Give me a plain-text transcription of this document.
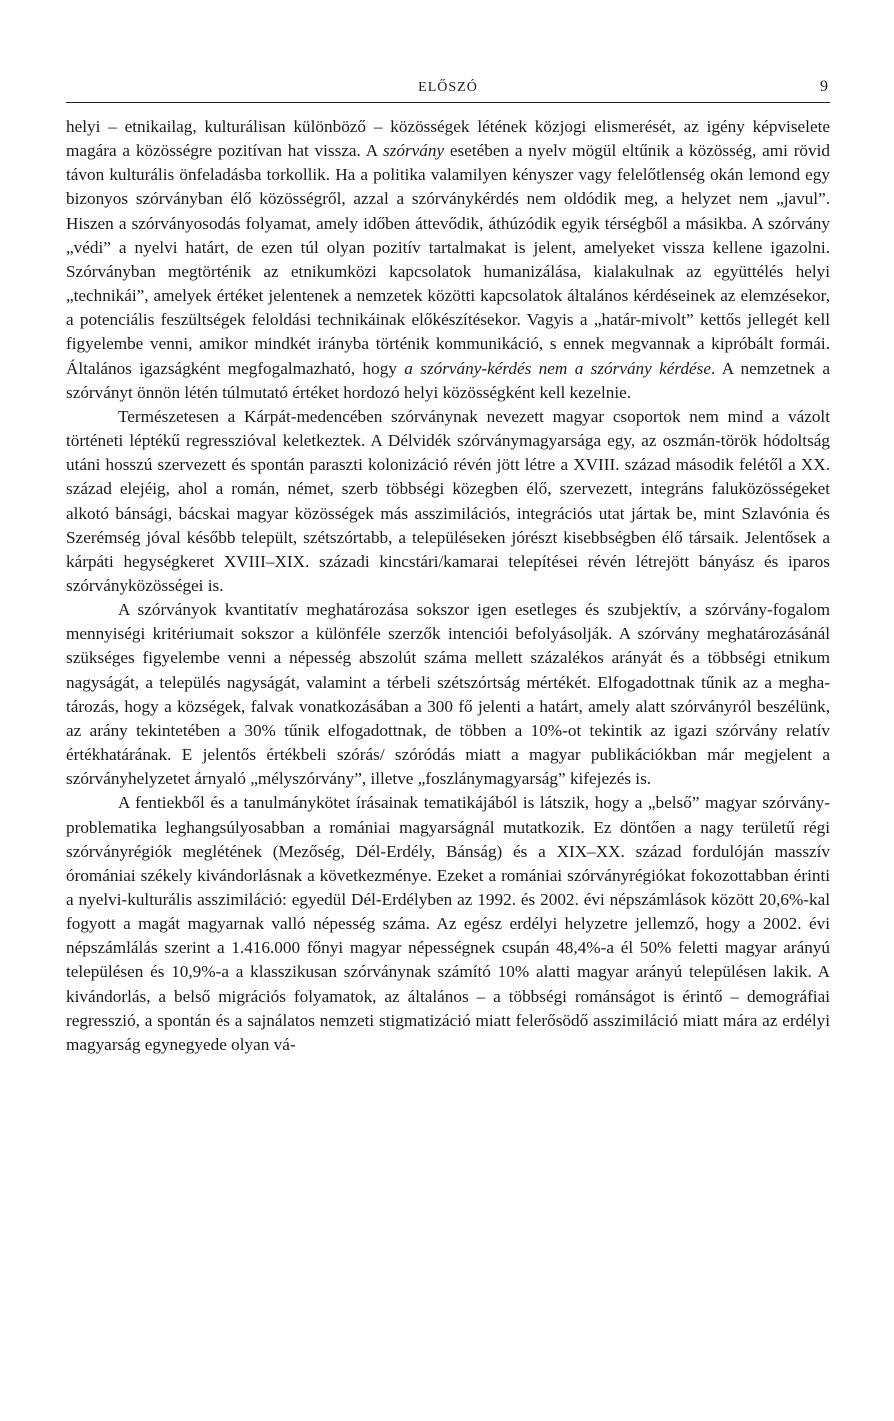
ELŐSZÓ	9

helyi – etnikailag, kulturálisan különböző – közösségek létének közjogi elismerését, az igény képviselete magára a közösségre pozitívan hat vissza. A szórvány esetében a nyelv mögül eltűnik a közösség, ami rövid távon kulturális önfeladásba torkollik. Ha a politika valamilyen kényszer vagy felelőtlenség okán lemond egy bizonyos szórványban élő közösségről, azzal a szórványkérdés nem oldódik meg, a helyzet nem „javul”. Hiszen a szórványosodás folyamat, amely időben áttevődik, áthúzódik egyik térségből a másikba. A szórvány „védi” a nyelvi határt, de ezen túl olyan pozitív tartalmakat is jelent, amelyeket vissza kellene igazolni. Szórványban megtörténik az etnikumközi kapcsolatok humanizálása, kialakulnak az együttélés helyi „technikái”, amelyek értéket jelentenek a nemzetek közötti kapcsolatok általános kérdéseinek az elemzésekor, a potenciális feszültségek feloldási technikáinak előkészítésekor. Vagyis a „határ-mivolt” kettős jellegét kell figyelembe venni, amikor mindkét irányba történik kommunikáció, s ennek megvannak a kipróbált formái. Általános igazságként megfogalmazható, hogy a szórvány-kérdés nem a szórvány kérdése. A nemzetnek a szórványt önnön létén túlmutató értéket hordozó helyi közösségként kell kezelnie.

Természetesen a Kárpát-medencében szórványnak nevezett magyar csoportok nem mind a vázolt történeti léptékű regresszióval keletkeztek. A Délvidék szórványmagyarsága egy, az oszmán-török hódoltság utáni hosszú szervezett és spontán paraszti kolonizáció révén jött létre a XVIII. század második felétől a XX. század elejéig, ahol a román, német, szerb többségi közegben élő, szervezett, integráns faluközösségeket alkotó bánsági, bácskai magyar közösségek más asszimilációs, integrációs utat jártak be, mint Szlavónia és Szerémség jóval később települt, szétszórtabb, a településeken jórészt kisebbségben élő társaik. Jelentősek a kárpáti hegységkeret XVIII–XIX. századi kincstári/kamarai telepítései révén létrejött bányász és iparos szórványközösségei is.

A szórványok kvantitatív meghatározása sokszor igen esetleges és szubjektív, a szórvány-fogalom mennyiségi kritériumait sokszor a különféle szerzők intenciói befolyásolják. A szórvány meghatározásánál szükséges figyelembe venni a népesség abszolút száma mellett százalékos arányát és a többségi etnikum nagyságát, a település nagyságát, valamint a térbeli szétszórtság mértékét. Elfogadottnak tűnik az a meghatározás, hogy a községek, falvak vonatkozásában a 300 fő jelenti a határt, amely alatt szórványról beszélünk, az arány tekintetében a 30% tűnik elfogadottnak, de többen a 10%-ot tekintik az igazi szórvány relatív értékhatárának. E jelentős értékbeli szórás/ szóródás miatt a magyar publikációkban már megjelent a szórványhelyzetet árnyaló „mélyszórvány”, illetve „foszlánymagyarság” kifejezés is.

A fentiekből és a tanulmánykötet írásainak tematikájából is látszik, hogy a „belső” magyar szórvány-problematika leghangsúlyosabban a romániai magyarságnál mutatkozik. Ez döntően a nagy területű régi szórványrégiók meglétének (Mezőség, Dél-Erdély, Bánság) és a XIX–XX. század fordulóján masszív óromániai székely kivándorlásnak a következménye. Ezeket a romániai szórványrégiókat fokozottabban érinti a nyelvi-kulturális asszimiláció: egyedül Dél-Erdélyben az 1992. és 2002. évi népszámlások között 20,6%-kal fogyott a magát magyarnak valló népesség száma. Az egész erdélyi helyzetre jellemző, hogy a 2002. évi népszámlálás szerint a 1.416.000 főnyi magyar népességnek csupán 48,4%-a él 50% feletti magyar arányú településen és 10,9%-a a klasszikusan szórványnak számító 10% alatti magyar arányú településen lakik. A kivándorlás, a belső migrációs folyamatok, az általános – a többségi románságot is érintő – demográfiai regresszió, a spontán és a sajnálatos nemzeti stigmatizáció miatt felerősödő asszimiláció miatt mára az erdélyi magyarság egynegyede olyan vá-
